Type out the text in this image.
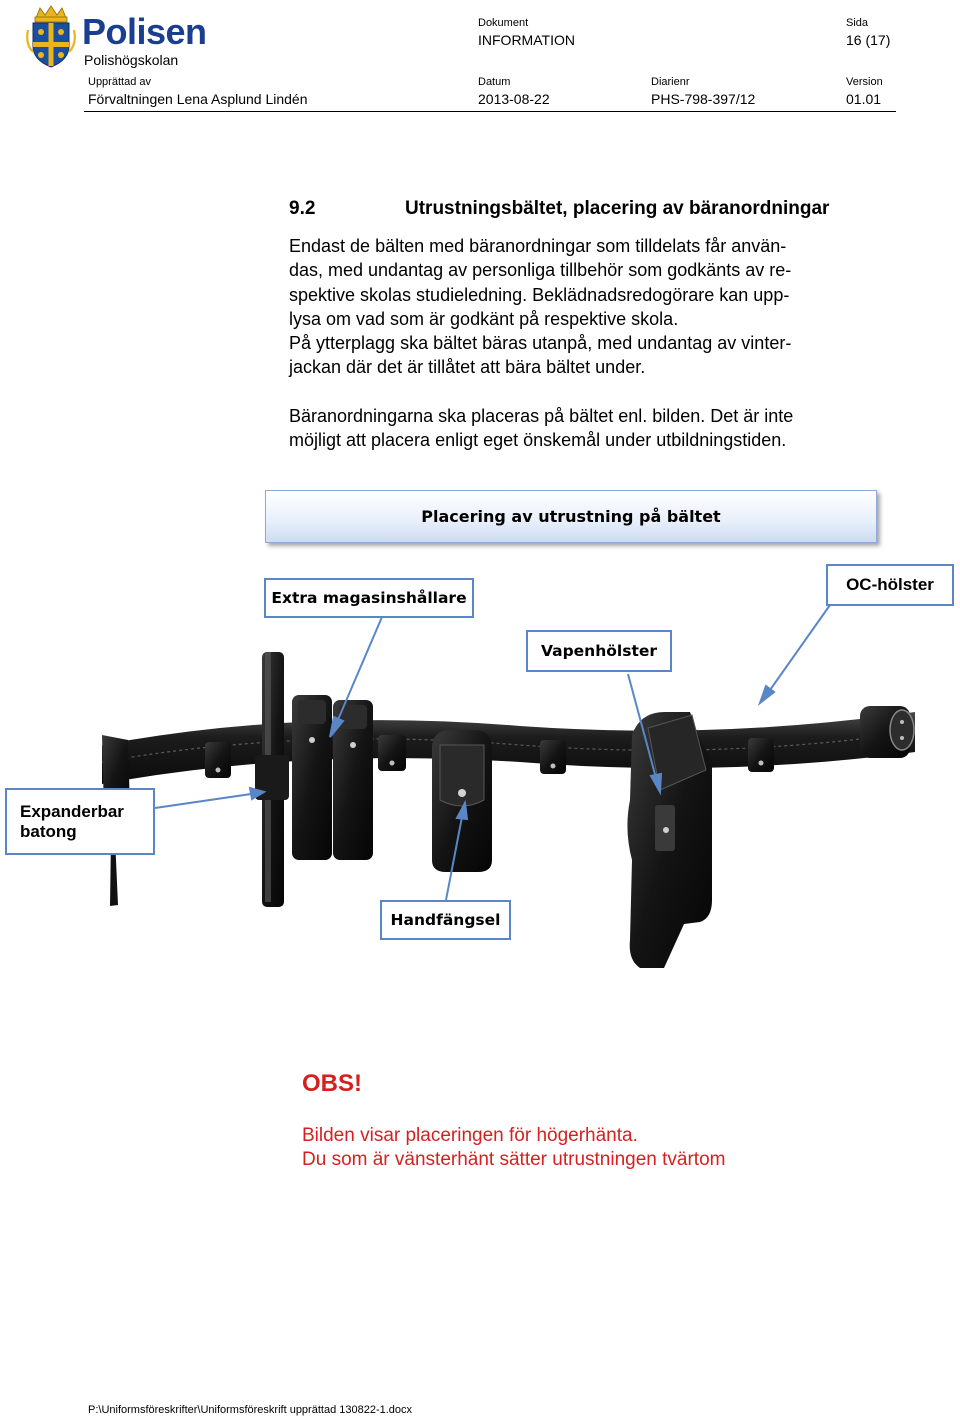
Polisen
Polishögskolan
Dokument
INFORMATION
Sida
16 (17)
Upprättad av
Förvaltningen Lena Asplund Lindén
Datum
2013-08-22
Diarienr
PHS-798-397/12
Version
01.01
9.2	Utrustningsbältet, placering av bäranordningar
Endast de bälten med bäranordningar som tilldelats får använ-
das, med undantag av personliga tillbehör som godkänts av re-
spektive skolas studieledning. Beklädnadsredogörare kan upp-
lysa om vad som är godkänt på respektive skola.
På ytterplagg ska bältet bäras utanpå, med undantag av vinter-
jackan där det är tillåtet att bära bältet under.
Bäranordningarna ska placeras på bältet enl. bilden. Det är inte
möjligt att placera enligt eget önskemål under utbildningstiden.
Placering av utrustning på bältet
Extra magasinshållare
OC-hölster
Vapenhölster
Expanderbar
batong
Handfängsel
OBS!
Bilden visar placeringen för högerhänta.
Du som är vänsterhänt sätter utrustningen tvärtom
P:\Uniformsföreskrifter\Uniformsföreskrift upprättad 130822-1.docx
